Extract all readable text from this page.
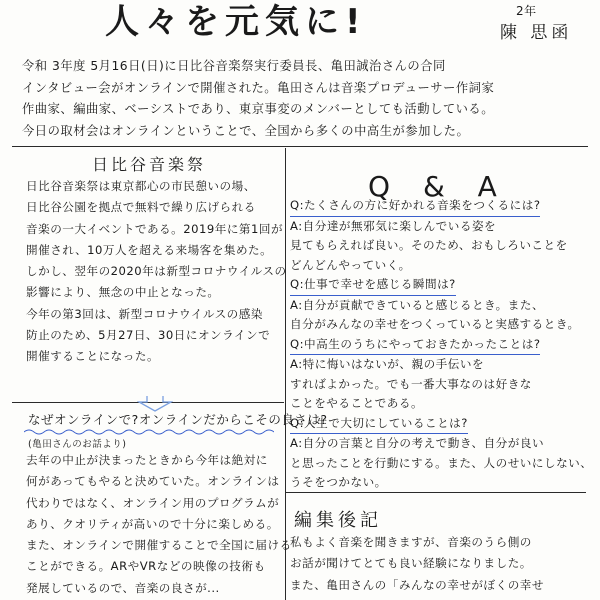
人々を元気に!	2年
陳 思函

令和 3年度 5月16日(日)に日比谷音楽祭実行委員長、亀田誠治さんの合同

インタビュー会がオンラインで開催された。亀田さんは音楽プロデューサー作詞家

作曲家、編曲家、ベーシストであり、東京事変のメンバーとしても活動している。

今日の取材会はオンラインということで、全国から多くの中高生が参加した。

日比谷音楽祭

日比谷音楽祭は東京都心の市民憩いの場、

日比谷公園を拠点で無料で繰り広げられる

音楽の一大イベントである。2019年に第1回が

開催され、10万人を超える来場客を集めた。

しかし、翌年の2020年は新型コロナウイルスの

影響により、無念の中止となった。

今年の第3回は、新型コロナウイルスの感染

防止のため、5月27日、30日にオンラインで

開催することになった。

なぜオンラインで?オンラインだからこその良さは?
(亀田さんのお話より)

去年の中止が決まったときから今年は絶対に

何があってもやると決めていた。オンラインは

代わりではなく、オンライン用のプログラムが

あり、クオリティが高いので十分に楽しめる。

また、オンラインで開催することで全国に届ける

ことができる。ARやVRなどの映像の技術も

発展しているので、音楽の良さが...

Q & A

Q:たくさんの方に好かれる音楽をつくるには?

A:自分達が無邪気に楽しんでいる姿を

見てもらえれば良い。そのため、おもしろいことを

どんどんやっていく。

Q:仕事で幸せを感じる瞬間は?

A:自分が貢献できていると感じるとき。また、

自分がみんなの幸せをつくっていると実感するとき。

Q:中高生のうちにやっておきたかったことは?

A:特に悔いはないが、親の手伝いを

すればよかった。でも一番大事なのは好きな

ことをやることである。

Q:人生で大切にしていることは?

A:自分の言葉と自分の考えで動き、自分が良い

と思ったことを行動にする。また、人のせいにしない、

うそをつかない。

編集後記

私もよく音楽を聞きますが、音楽のうら側の

お話が聞けてとても良い経験になりました。

また、亀田さんの「みんなの幸せがぼくの幸せ
